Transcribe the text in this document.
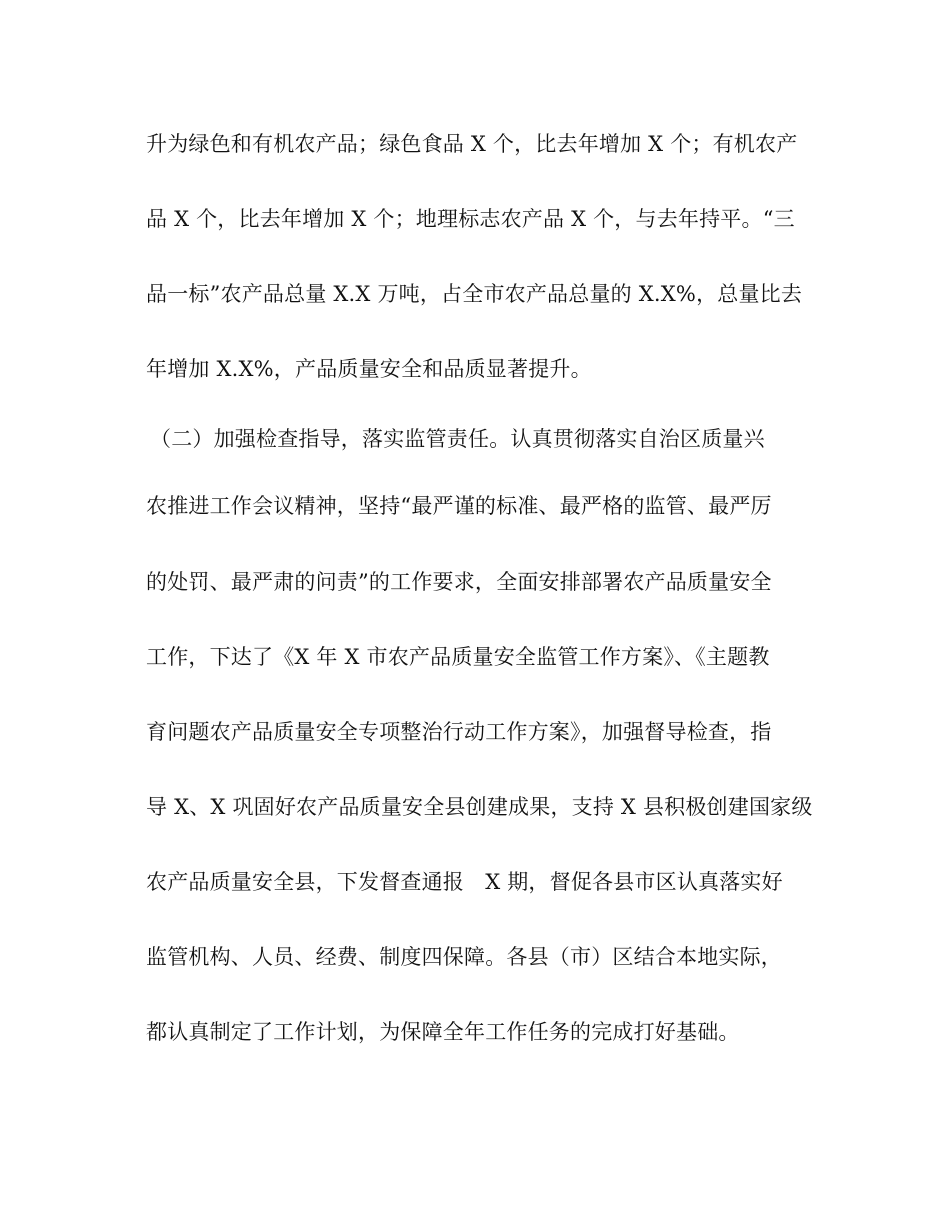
升为绿色和有机农产品；绿色食品 X 个，比去年增加 X 个；有机农产
品 X 个，比去年增加 X 个；地理标志农产品 X 个，与去年持平。“三
品一标”农产品总量 X.X 万吨，占全市农产品总量的 X.X%，总量比去
年增加 X.X%，产品质量安全和品质显著提升。
（二）加强检查指导，落实监管责任。认真贯彻落实自治区质量兴
农推进工作会议精神，坚持“最严谨的标准、最严格的监管、最严厉
的处罚、最严肃的问责”的工作要求，全面安排部署农产品质量安全
工作，下达了《X 年 X 市农产品质量安全监管工作方案》、《主题教
育问题农产品质量安全专项整治行动工作方案》，加强督导检查，指
导 X、X 巩固好农产品质量安全县创建成果，支持 X 县积极创建国家级
农产品质量安全县，下发督查通报　X 期，督促各县市区认真落实好
监管机构、人员、经费、制度四保障。各县（市）区结合本地实际，
都认真制定了工作计划，为保障全年工作任务的完成打好基础。
